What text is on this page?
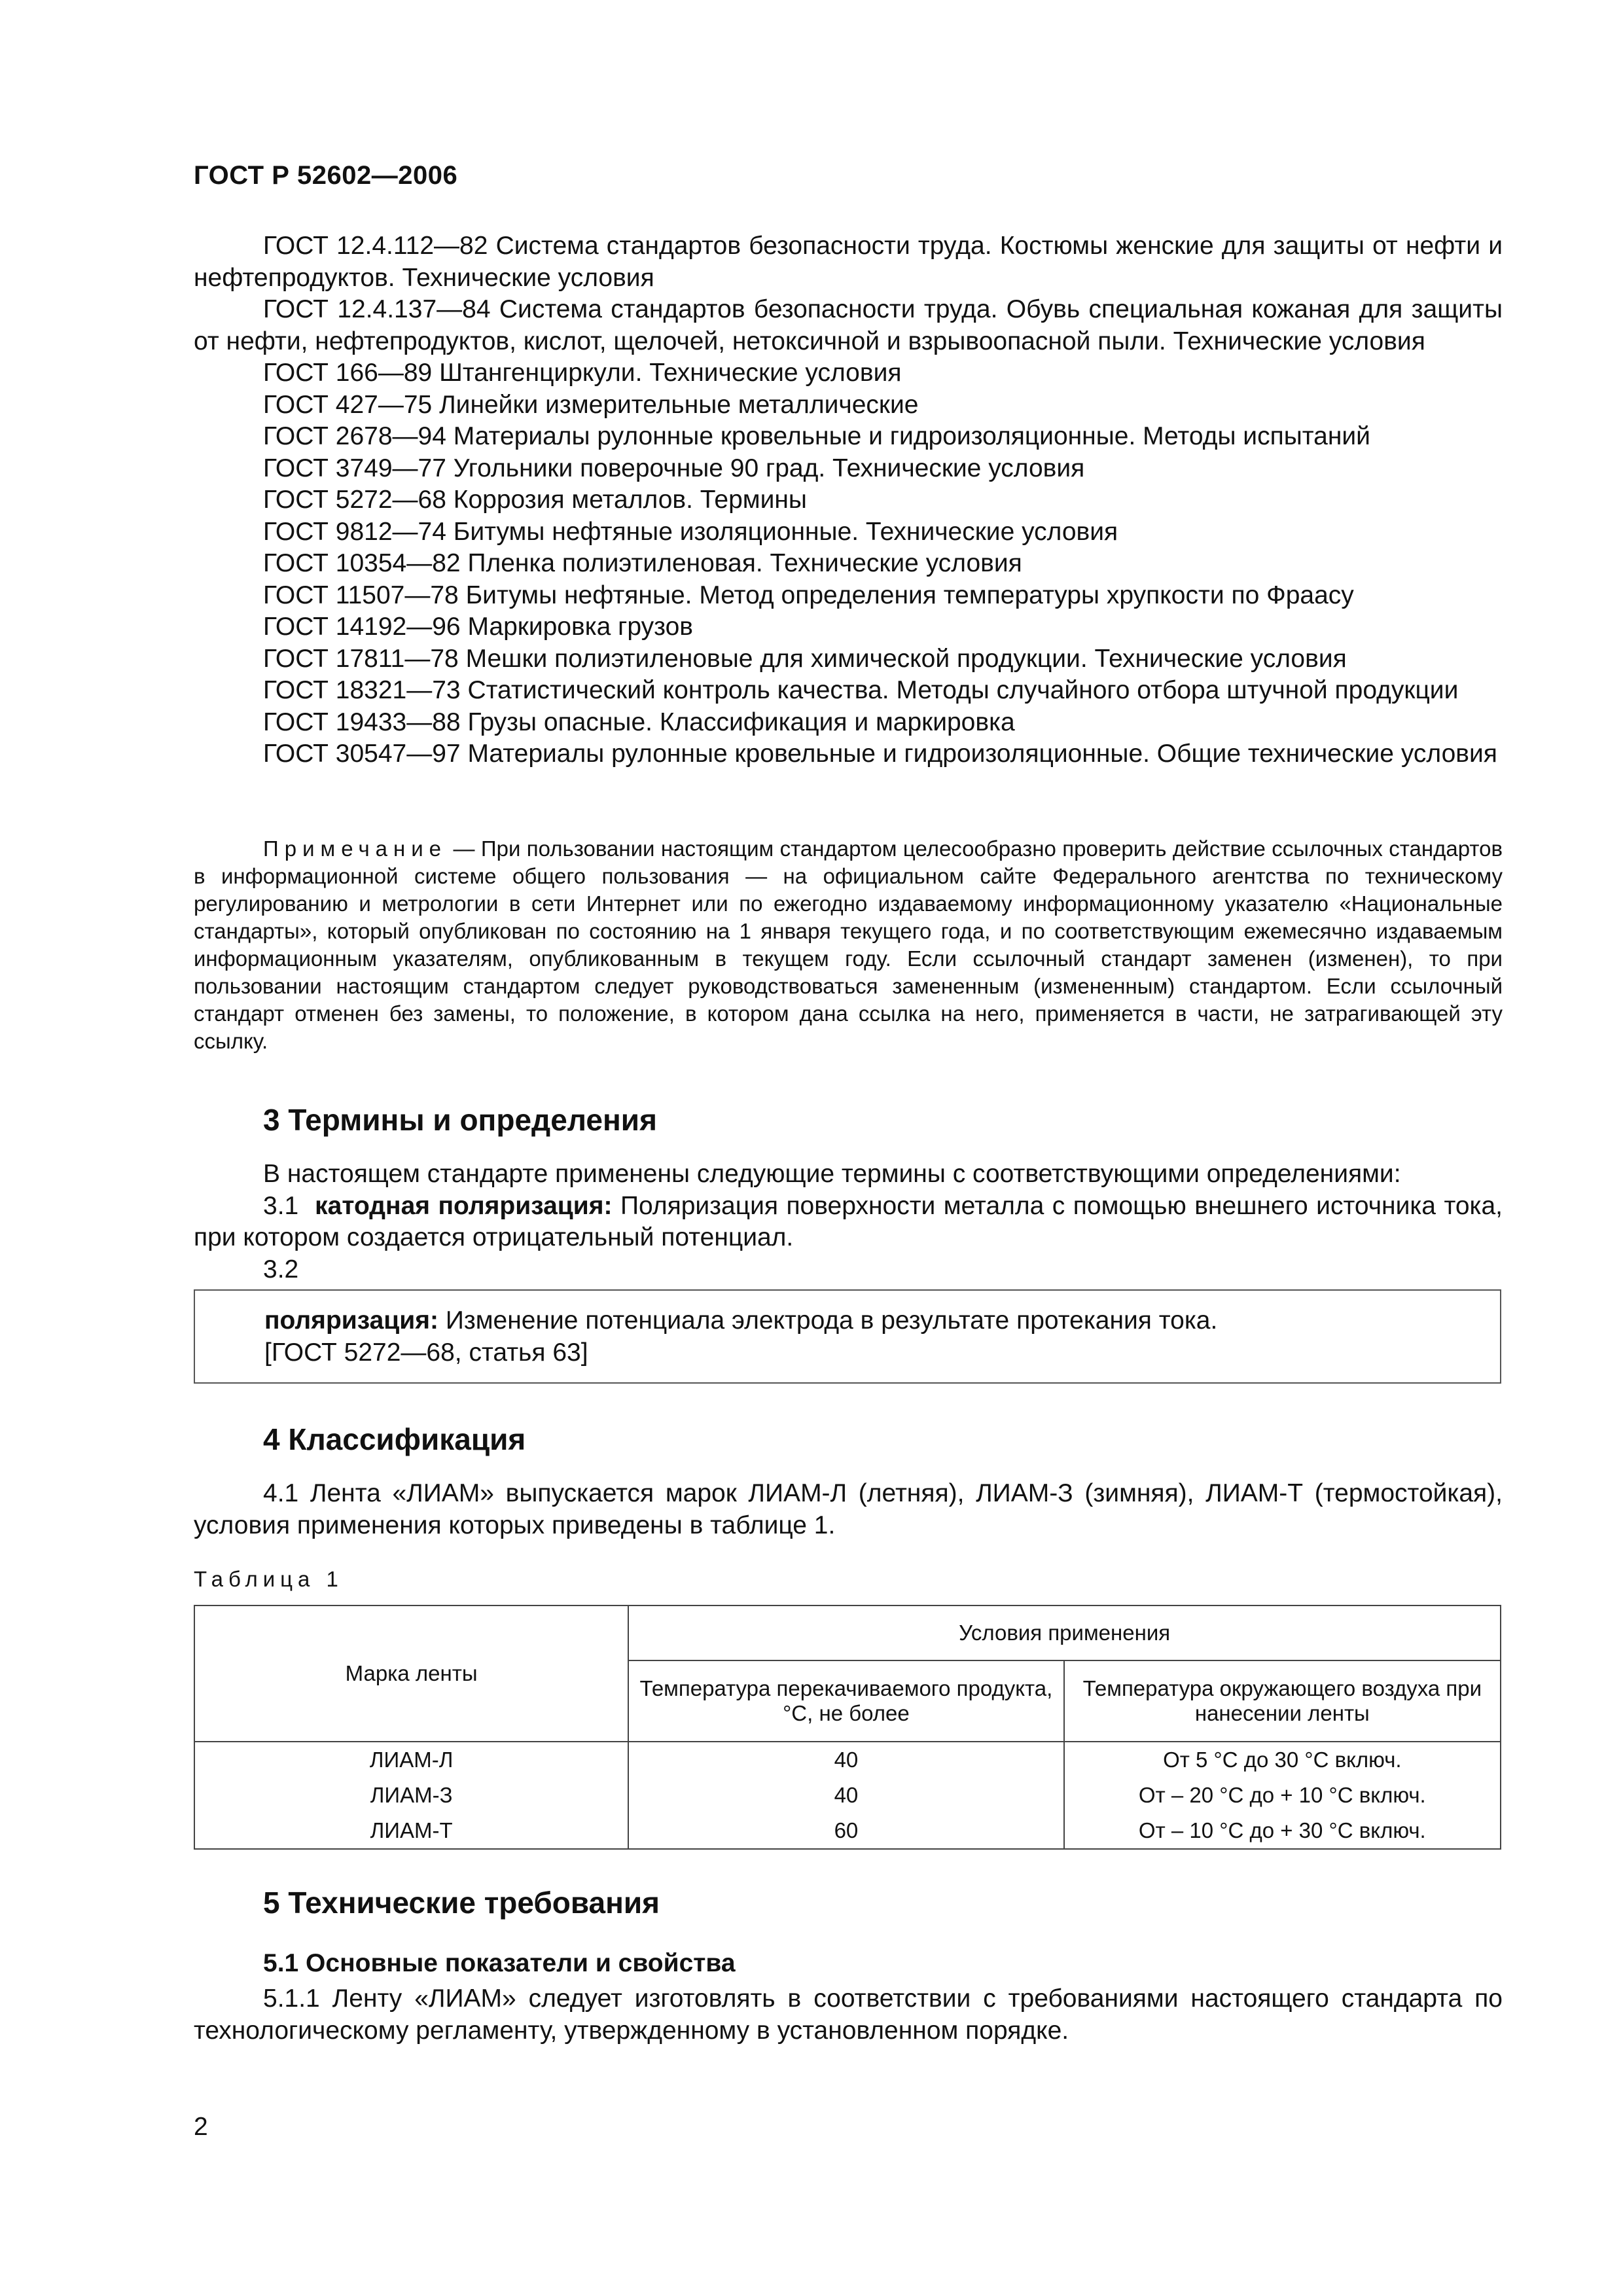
ГОСТ Р 52602—2006

ГОСТ 12.4.112—82 Система стандартов безопасности труда. Костюмы женские для защиты от нефти и нефтепродуктов. Технические условия

ГОСТ 12.4.137—84 Система стандартов безопасности труда. Обувь специальная кожаная для защиты от нефти, нефтепродуктов, кислот, щелочей, нетоксичной и взрывоопасной пыли. Технические условия

ГОСТ 166—89 Штангенциркули. Технические условия

ГОСТ 427—75 Линейки измерительные металлические

ГОСТ 2678—94 Материалы рулонные кровельные и гидроизоляционные. Методы испытаний

ГОСТ 3749—77 Угольники поверочные 90 град. Технические условия

ГОСТ 5272—68 Коррозия металлов. Термины

ГОСТ 9812—74 Битумы нефтяные изоляционные. Технические условия

ГОСТ 10354—82 Пленка полиэтиленовая. Технические условия

ГОСТ 11507—78 Битумы нефтяные. Метод определения температуры хрупкости по Фраасу

ГОСТ 14192—96 Маркировка грузов

ГОСТ 17811—78 Мешки полиэтиленовые для химической продукции. Технические условия

ГОСТ 18321—73 Статистический контроль качества. Методы случайного отбора штучной продукции

ГОСТ 19433—88 Грузы опасные. Классификация и маркировка

ГОСТ 30547—97 Материалы рулонные кровельные и гидроизоляционные. Общие технические условия

Примечание — При пользовании настоящим стандартом целесообразно проверить действие ссылочных стандартов в информационной системе общего пользования — на официальном сайте Федерального агентства по техническому регулированию и метрологии в сети Интернет или по ежегодно издаваемому информационному указателю «Национальные стандарты», который опубликован по состоянию на 1 января текущего года, и по соответствующим ежемесячно издаваемым информационным указателям, опубликованным в текущем году. Если ссылочный стандарт заменен (изменен), то при пользовании настоящим стандартом следует руководствоваться замененным (измененным) стандартом. Если ссылочный стандарт отменен без замены, то положение, в котором дана ссылка на него, применяется в части, не затрагивающей эту ссылку.
3 Термины и определения

В настоящем стандарте применены следующие термины с соответствующими определениями:

3.1 катодная поляризация: Поляризация поверхности металла с помощью внешнего источника тока, при котором создается отрицательный потенциал.

3.2

поляризация: Изменение потенциала электрода в результате протекания тока.
[ГОСТ 5272—68, статья 63]
4 Классификация
4.1 Лента «ЛИАМ» выпускается марок ЛИАМ-Л (летняя), ЛИАМ-З (зимняя), ЛИАМ-Т (термостойкая), условия применения которых приведены в таблице 1.
Таблица 1
Марка ленты	Условия применения	
	Температура перекачиваемого продукта, °С, не более	Температура окружающего воздуха при нанесении ленты
ЛИАМ-Л	40	От 5 °С до 30 °С включ.
ЛИАМ-З	40	От – 20 °С до + 10 °С включ.
ЛИАМ-Т	60	От – 10 °С до + 30 °С включ.
5 Технические требования
5.1 Основные показатели и свойства
5.1.1 Ленту «ЛИАМ» следует изготовлять в соответствии с требованиями настоящего стандарта по технологическому регламенту, утвержденному в установленном порядке.
2
